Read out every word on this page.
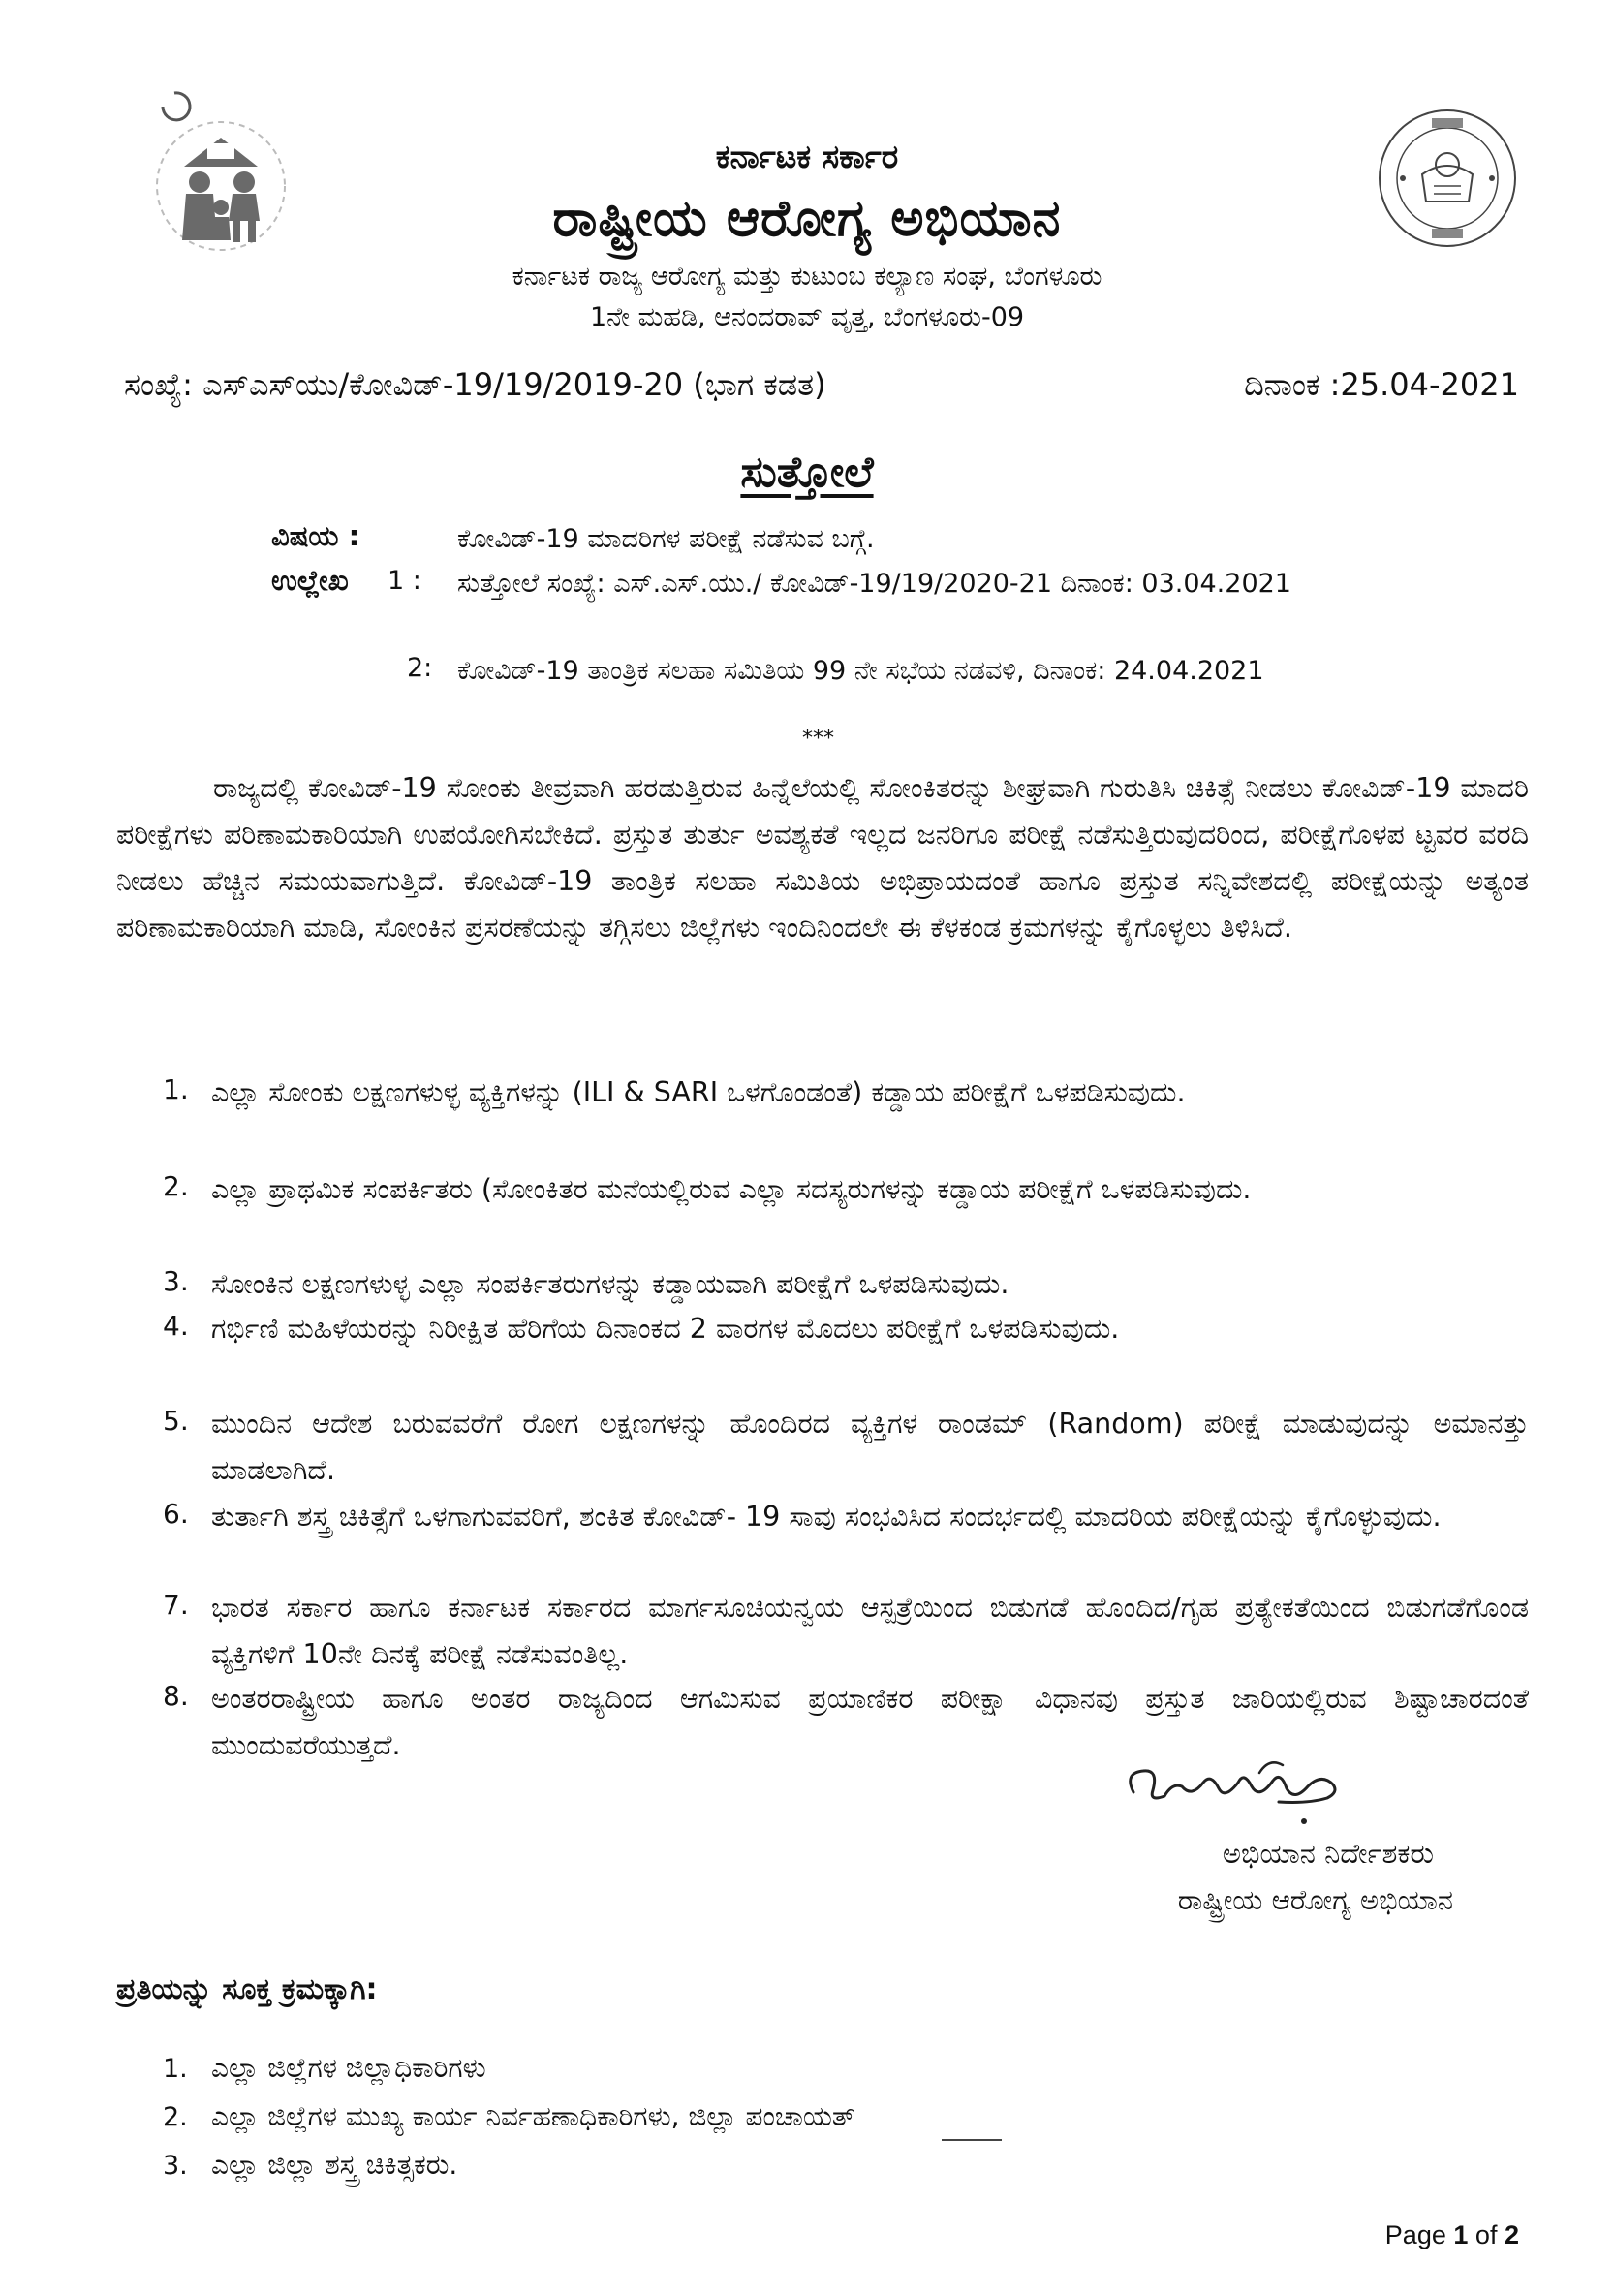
ಕರ್ನಾಟಕ ಸರ್ಕಾರ
ರಾಷ್ಟ್ರೀಯ ಆರೋಗ್ಯ ಅಭಿಯಾನ
ಕರ್ನಾಟಕ ರಾಜ್ಯ ಆರೋಗ್ಯ ಮತ್ತು ಕುಟುಂಬ ಕಲ್ಯಾಣ ಸಂಘ, ಬೆಂಗಳೂರು
1ನೇ ಮಹಡಿ, ಆನಂದರಾವ್ ವೃತ್ತ, ಬೆಂಗಳೂರು-09
ಸಂಖ್ಯೆ: ಎಸ್‌ಎಸ್‌ಯು/ಕೋವಿಡ್-19/19/2019-20 (ಭಾಗ ಕಡತ)	ದಿನಾಂಕ :25.04-2021
ಸುತ್ತೋಲೆ
ವಿಷಯ :	ಕೋವಿಡ್-19 ಮಾದರಿಗಳ ಪರೀಕ್ಷೆ ನಡೆಸುವ ಬಗ್ಗೆ.
ಉಲ್ಲೇಖ 1 : ಸುತ್ತೋಲೆ ಸಂಖ್ಯೆ: ಎಸ್.ಎಸ್.ಯು./ ಕೋವಿಡ್-19/19/2020-21 ದಿನಾಂಕ: 03.04.2021
2: ಕೋವಿಡ್-19 ತಾಂತ್ರಿಕ ಸಲಹಾ ಸಮಿತಿಯ 99 ನೇ ಸಭೆಯ ನಡವಳಿ, ದಿನಾಂಕ: 24.04.2021
***
ರಾಜ್ಯದಲ್ಲಿ ಕೋವಿಡ್-19 ಸೋಂಕು ತೀವ್ರವಾಗಿ ಹರಡುತ್ತಿರುವ ಹಿನ್ನೆಲೆಯಲ್ಲಿ ಸೋಂಕಿತರನ್ನು ಶೀಘ್ರವಾಗಿ ಗುರುತಿಸಿ ಚಿಕಿತ್ಸೆ ನೀಡಲು ಕೋವಿಡ್-19 ಮಾದರಿ ಪರೀಕ್ಷೆಗಳು ಪರಿಣಾಮಕಾರಿಯಾಗಿ ಉಪಯೋಗಿಸಬೇಕಿದೆ. ಪ್ರಸ್ತುತ ತುರ್ತು ಅವಶ್ಯಕತೆ ಇಲ್ಲದ ಜನರಿಗೂ ಪರೀಕ್ಷೆ ನಡೆಸುತ್ತಿರುವುದರಿಂದ, ಪರೀಕ್ಷೆಗೊಳಪ ಟ್ಟವರ ವರದಿ ನೀಡಲು ಹೆಚ್ಚಿನ ಸಮಯವಾಗುತ್ತಿದೆ. ಕೋವಿಡ್-19 ತಾಂತ್ರಿಕ ಸಲಹಾ ಸಮಿತಿಯ ಅಭಿಪ್ರಾಯದಂತೆ ಹಾಗೂ ಪ್ರಸ್ತುತ ಸನ್ನಿವೇಶದಲ್ಲಿ ಪರೀಕ್ಷೆಯನ್ನು ಅತ್ಯಂತ ಪರಿಣಾಮಕಾರಿಯಾಗಿ ಮಾಡಿ, ಸೋಂಕಿನ ಪ್ರಸರಣೆಯನ್ನು ತಗ್ಗಿಸಲು ಜಿಲ್ಲೆಗಳು ಇಂದಿನಿಂದಲೇ ಈ ಕೆಳಕಂಡ ಕ್ರಮಗಳನ್ನು ಕೈಗೊಳ್ಳಲು ತಿಳಿಸಿದೆ.
1. ಎಲ್ಲಾ ಸೋಂಕು ಲಕ್ಷಣಗಳುಳ್ಳ ವ್ಯಕ್ತಿಗಳನ್ನು (ILI & SARI ಒಳಗೊಂಡಂತೆ) ಕಡ್ಡಾಯ ಪರೀಕ್ಷೆಗೆ ಒಳಪಡಿಸುವುದು.
2. ಎಲ್ಲಾ ಪ್ರಾಥಮಿಕ ಸಂಪರ್ಕಿತರು (ಸೋಂಕಿತರ ಮನೆಯಲ್ಲಿರುವ ಎಲ್ಲಾ ಸದಸ್ಯರುಗಳನ್ನು ಕಡ್ಡಾಯ ಪರೀಕ್ಷೆಗೆ ಒಳಪಡಿಸುವುದು.
3. ಸೋಂಕಿನ ಲಕ್ಷಣಗಳುಳ್ಳ ಎಲ್ಲಾ ಸಂಪರ್ಕಿತರುಗಳನ್ನು ಕಡ್ಡಾಯವಾಗಿ ಪರೀಕ್ಷೆಗೆ ಒಳಪಡಿಸುವುದು.
4. ಗರ್ಭಿಣಿ ಮಹಿಳೆಯರನ್ನು ನಿರೀಕ್ಷಿತ ಹೆರಿಗೆಯ ದಿನಾಂಕದ 2 ವಾರಗಳ ಮೊದಲು ಪರೀಕ್ಷೆಗೆ ಒಳಪಡಿಸುವುದು.
5. ಮುಂದಿನ ಆದೇಶ ಬರುವವರೆಗೆ ರೋಗ ಲಕ್ಷಣಗಳನ್ನು ಹೊಂದಿರದ ವ್ಯಕ್ತಿಗಳ ರಾಂಡಮ್ (Random) ಪರೀಕ್ಷೆ ಮಾಡುವುದನ್ನು ಅಮಾನತ್ತು ಮಾಡಲಾಗಿದೆ.
6. ತುರ್ತಾಗಿ ಶಸ್ತ್ರ ಚಿಕಿತ್ಸೆಗೆ ಒಳಗಾಗುವವರಿಗೆ, ಶಂಕಿತ ಕೋವಿಡ್- 19 ಸಾವು ಸಂಭವಿಸಿದ ಸಂದರ್ಭದಲ್ಲಿ ಮಾದರಿಯ ಪರೀಕ್ಷೆಯನ್ನು ಕೈಗೊಳ್ಳುವುದು.
7. ಭಾರತ ಸರ್ಕಾರ ಹಾಗೂ ಕರ್ನಾಟಕ ಸರ್ಕಾರದ ಮಾರ್ಗಸೂಚಿಯನ್ವಯ ಆಸ್ಪತ್ರೆಯಿಂದ ಬಿಡುಗಡೆ ಹೊಂದಿದ/ಗೃಹ ಪ್ರತ್ಯೇಕತೆಯಿಂದ ಬಿಡುಗಡೆಗೊಂಡ ವ್ಯಕ್ತಿಗಳಿಗೆ 10ನೇ ದಿನಕ್ಕೆ ಪರೀಕ್ಷೆ ನಡೆಸುವಂತಿಲ್ಲ.
8. ಅಂತರರಾಷ್ಟ್ರೀಯ ಹಾಗೂ ಅಂತರ ರಾಜ್ಯದಿಂದ ಆಗಮಿಸುವ ಪ್ರಯಾಣಿಕರ ಪರೀಕ್ಷಾ ವಿಧಾನವು ಪ್ರಸ್ತುತ ಜಾರಿಯಲ್ಲಿರುವ ಶಿಷ್ಟಾಚಾರದಂತೆ ಮುಂದುವರೆಯುತ್ತದೆ.
ಅಭಿಯಾನ ನಿರ್ದೇಶಕರು
ರಾಷ್ಟ್ರೀಯ ಆರೋಗ್ಯ ಅಭಿಯಾನ
ಪ್ರತಿಯನ್ನು ಸೂಕ್ತ ಕ್ರಮಕ್ಕಾಗಿ:
1. ಎಲ್ಲಾ ಜಿಲ್ಲೆಗಳ ಜಿಲ್ಲಾಧಿಕಾರಿಗಳು
2. ಎಲ್ಲಾ ಜಿಲ್ಲೆಗಳ ಮುಖ್ಯ ಕಾರ್ಯ ನಿರ್ವಹಣಾಧಿಕಾರಿಗಳು, ಜಿಲ್ಲಾ ಪಂಚಾಯತ್
3. ಎಲ್ಲಾ ಜಿಲ್ಲಾ ಶಸ್ತ್ರ ಚಿಕಿತ್ಸಕರು.
Page 1 of 2
